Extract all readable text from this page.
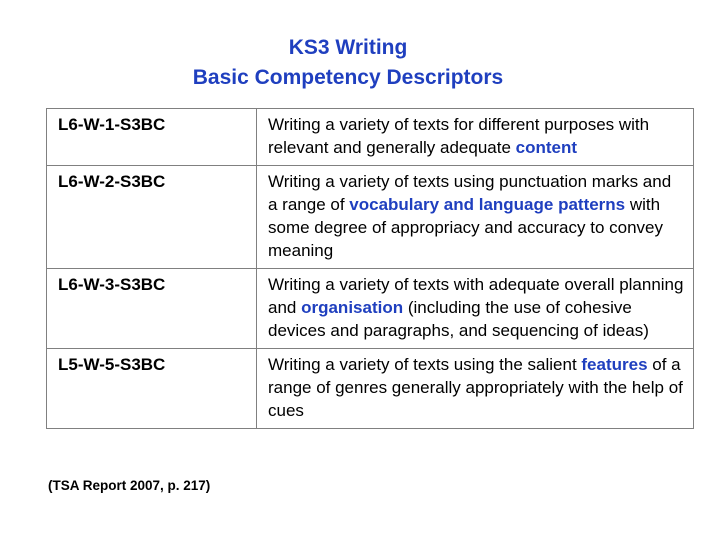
KS3 Writing
Basic Competency Descriptors
L6-W-1-S3BC	Writing a variety of texts for different purposes with relevant and generally adequate content
L6-W-2-S3BC	Writing a variety of texts using punctuation marks and a range of vocabulary and language patterns with some degree of appropriacy and accuracy to convey meaning
L6-W-3-S3BC	Writing a variety of texts with adequate overall planning and organisation (including the use of cohesive devices and paragraphs, and sequencing of ideas)
L5-W-5-S3BC	Writing a variety of texts using the salient features of a range of genres generally appropriately with the help of cues
(TSA Report 2007, p. 217)
